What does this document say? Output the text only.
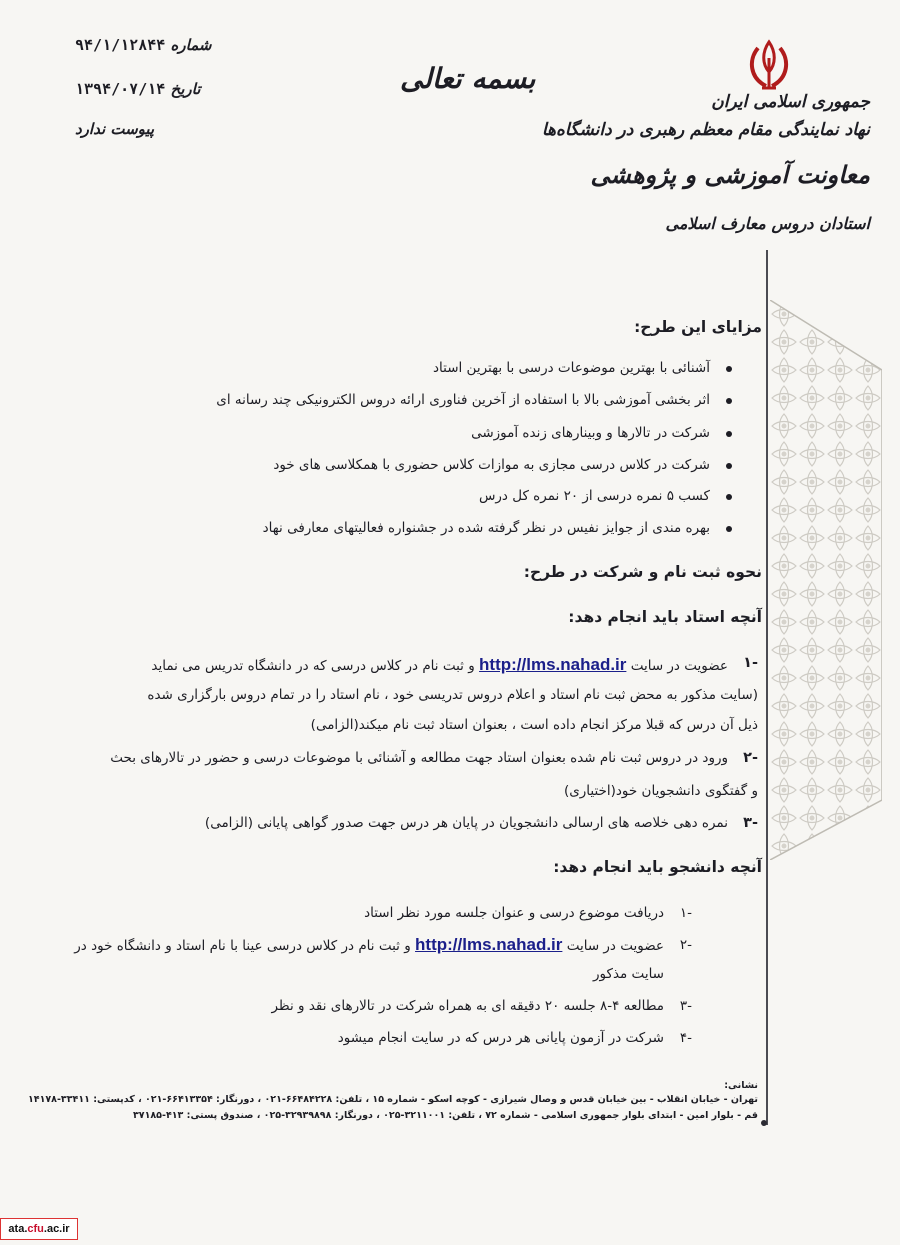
جمهوری اسلامی ایران
نهاد نمایندگی مقام معظم رهبری در دانشگاه‌ها
معاونت آموزشی و پژوهشی
استادان دروس معارف اسلامی
بسمه تعالی
شماره ۹۴/۱/۱۲۸۴۴
تاریخ ۱۳۹۴/۰۷/۱۴
پیوست ندارد
مزایای این طرح:
آشنائی با بهترین موضوعات درسی با بهترین استاد
اثر بخشی آموزشی بالا با استفاده از آخرین فناوری ارائه دروس الکترونیکی چند رسانه ای
شرکت در تالارها و وبینارهای زنده آموزشی
شرکت در کلاس درسی مجازی به موازات کلاس حضوری با همکلاسی های خود
کسب ۵ نمره درسی از ۲۰ نمره کل درس
بهره مندی از جوایز نفیس در نظر گرفته شده در جشنواره فعالیتهای معارفی نهاد
نحوه ثبت نام و شرکت در طرح:
آنچه استاد باید انجام دهد:
-۱
عضویت در سایت http://lms.nahad.ir و ثبت نام در کلاس درسی که در دانشگاه تدریس می نماید
(سایت مذکور به محض ثبت نام استاد و اعلام دروس تدریسی خود ، نام استاد را در تمام دروس بارگزاری شده
ذیل آن درس که قبلا مرکز انجام داده است ، بعنوان استاد ثبت نام میکند(الزامی)
-۲
ورود در دروس ثبت نام شده بعنوان استاد جهت مطالعه و آشنائی با موضوعات درسی و حضور در تالارهای بحث
و گفتگوی دانشجویان خود(اختیاری)
-۳
نمره دهی خلاصه های ارسالی دانشجویان در پایان هر درس جهت صدور گواهی پایانی (الزامی)
آنچه دانشجو باید انجام دهد:
-۱
دریافت موضوع درسی و عنوان جلسه مورد نظر استاد
-۲
عضویت در سایت http://lms.nahad.ir و ثبت نام در کلاس درسی عینا با نام استاد و دانشگاه خود در
سایت مذکور
-۳
مطالعه ۴-۸ جلسه ۲۰ دقیقه ای به همراه شرکت در تالارهای نقد و نظر
-۴
شرکت در آزمون پایانی هر درس که در سایت انجام میشود
نشانی:
تهران - خیابان انقلاب - بین خیابان قدس و وصال شیرازی - کوچه اسکو - شماره ۱۵ ، تلفن: ۶۶۴۸۴۲۲۸-۰۲۱ ، دورنگار: ۶۶۴۱۳۳۵۴-۰۲۱ ، کدپستی: ۳۳۴۱۱-۱۴۱۷۸
قم - بلوار امین - ابتدای بلوار جمهوری اسلامی - شماره ۷۲ ، تلفن: ۳۲۱۱۰۰۱-۰۲۵ ، دورنگار: ۳۲۹۳۹۸۹۸-۰۲۵ ، صندوق پستی: ۴۱۳-۳۷۱۸۵
ata. cfu .ac.ir
